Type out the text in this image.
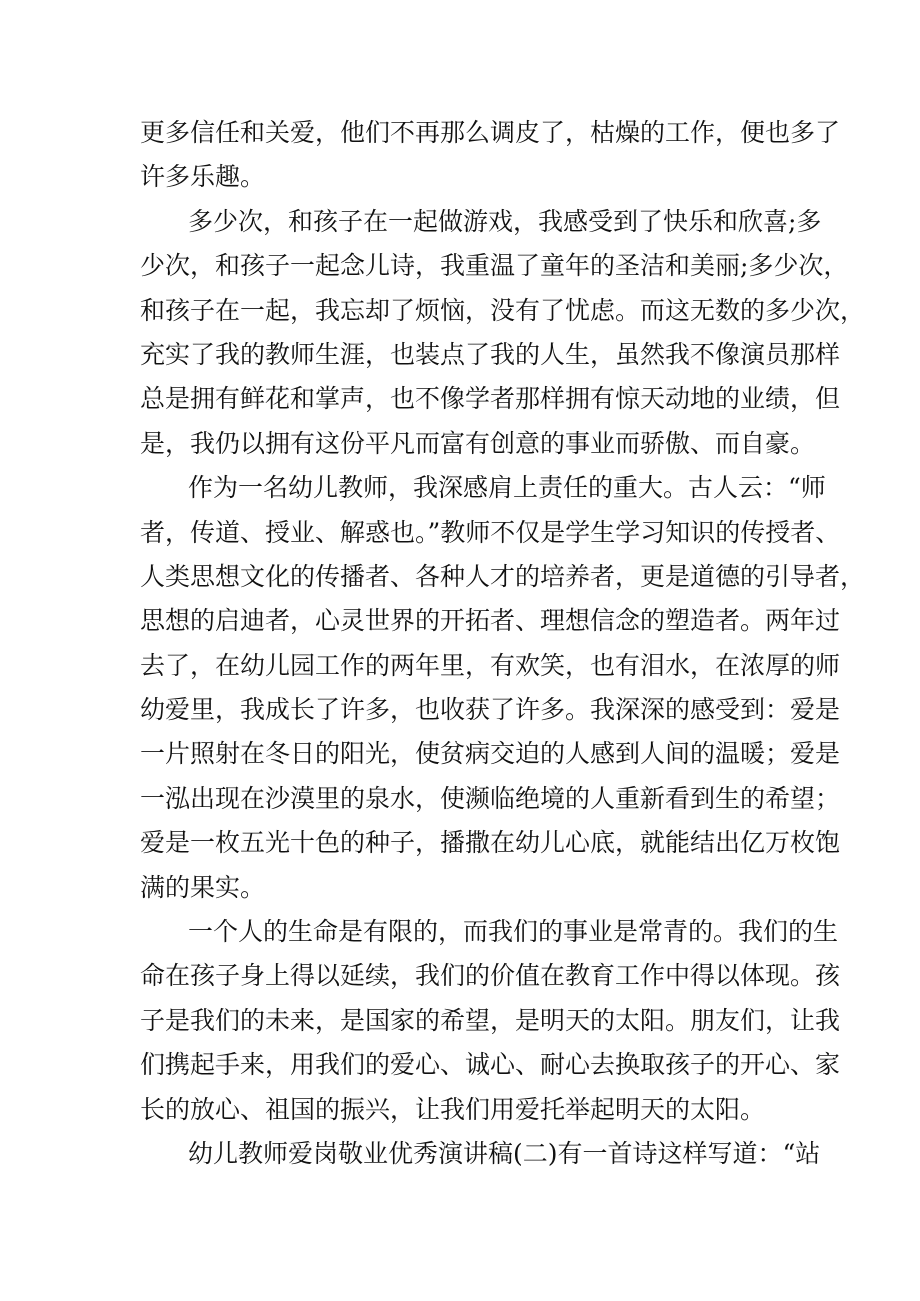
更多信任和关爱，他们不再那么调皮了，枯燥的工作，便也多了
许多乐趣。
多少次，和孩子在一起做游戏，我感受到了快乐和欣喜;多
少次，和孩子一起念儿诗，我重温了童年的圣洁和美丽;多少次，
和孩子在一起，我忘却了烦恼，没有了忧虑。而这无数的多少次，
充实了我的教师生涯，也装点了我的人生，虽然我不像演员那样
总是拥有鲜花和掌声，也不像学者那样拥有惊天动地的业绩，但
是，我仍以拥有这份平凡而富有创意的事业而骄傲、而自豪。
作为一名幼儿教师，我深感肩上责任的重大。古人云：“师
者，传道、授业、解惑也。”教师不仅是学生学习知识的传授者、
人类思想文化的传播者、各种人才的培养者，更是道德的引导者，
思想的启迪者，心灵世界的开拓者、理想信念的塑造者。两年过
去了，在幼儿园工作的两年里，有欢笑，也有泪水，在浓厚的师
幼爱里，我成长了许多，也收获了许多。我深深的感受到：爱是
一片照射在冬日的阳光，使贫病交迫的人感到人间的温暖；爱是
一泓出现在沙漠里的泉水，使濒临绝境的人重新看到生的希望；
爱是一枚五光十色的种子，播撒在幼儿心底，就能结出亿万枚饱
满的果实。
一个人的生命是有限的，而我们的事业是常青的。我们的生
命在孩子身上得以延续，我们的价值在教育工作中得以体现。孩
子是我们的未来，是国家的希望，是明天的太阳。朋友们，让我
们携起手来，用我们的爱心、诚心、耐心去换取孩子的开心、家
长的放心、祖国的振兴，让我们用爱托举起明天的太阳。
幼儿教师爱岗敬业优秀演讲稿(二)有一首诗这样写道：“站
